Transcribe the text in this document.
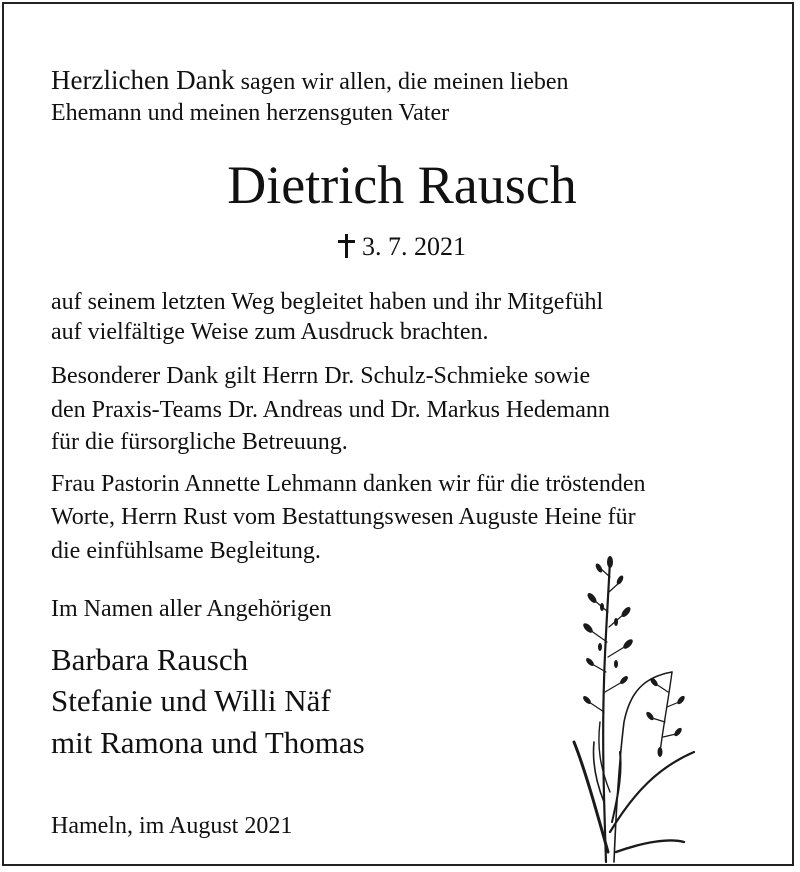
Herzlichen Dank sagen wir allen, die meinen lieben
Ehemann und meinen herzensguten Vater
Dietrich Rausch
3. 7. 2021
auf seinem letzten Weg begleitet haben und ihr Mitgefühl
auf vielfältige Weise zum Ausdruck brachten.
Besonderer Dank gilt Herrn Dr. Schulz-Schmieke sowie
den Praxis-Teams Dr. Andreas und Dr. Markus Hedemann
für die fürsorgliche Betreuung.
Frau Pastorin Annette Lehmann danken wir für die tröstenden
Worte, Herrn Rust vom Bestattungswesen Auguste Heine für
die einfühlsame Begleitung.
Im Namen aller Angehörigen
Barbara Rausch
Stefanie und Willi Näf
mit Ramona und Thomas
Hameln, im August 2021
